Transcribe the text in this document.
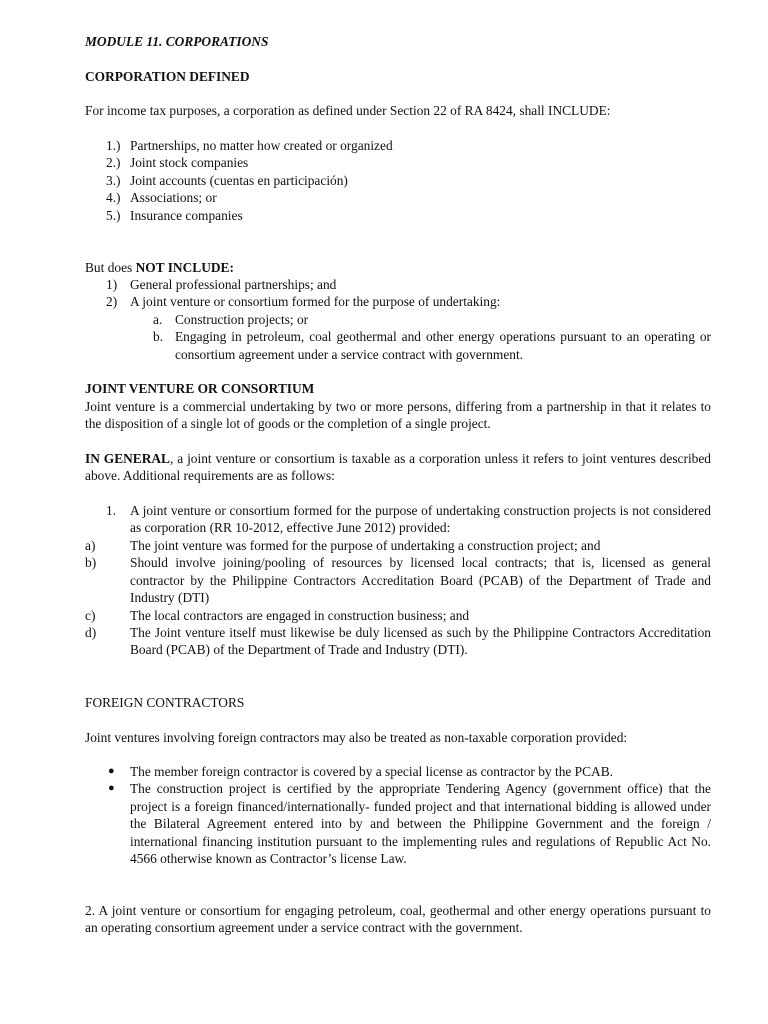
MODULE 11. CORPORATIONS

CORPORATION DEFINED

For income tax purposes, a corporation as defined under Section 22 of RA 8424, shall INCLUDE:

1.) Partnerships, no matter how created or organized
2.) Joint stock companies
3.) Joint accounts (cuentas en participación)
4.) Associations; or
5.) Insurance companies

But does NOT INCLUDE:

1) General professional partnerships; and
2) A joint venture or consortium formed for the purpose of undertaking:
a. Construction projects; or
b. Engaging in petroleum, coal geothermal and other energy operations pursuant to an operating or consortium agreement under a service contract with government.

JOINT VENTURE OR CONSORTIUM

Joint venture is a commercial undertaking by two or more persons, differing from a partnership in that it relates to the disposition of a single lot of goods or the completion of a single project.

IN GENERAL, a joint venture or consortium is taxable as a corporation unless it refers to joint ventures described above. Additional requirements are as follows:

1. A joint venture or consortium formed for the purpose of undertaking construction projects is not considered as corporation (RR 10-2012, effective June 2012) provided:
a)	The joint venture was formed for the purpose of undertaking a construction project; and
b)	Should involve joining/pooling of resources by licensed local contracts; that is, licensed as general contractor by the Philippine Contractors Accreditation Board (PCAB) of the Department of Trade and Industry (DTI)
c)	The local contractors are engaged in construction business; and
d)	The Joint venture itself must likewise be duly licensed as such by the Philippine Contractors Accreditation Board (PCAB) of the Department of Trade and Industry (DTI).

FOREIGN CONTRACTORS

Joint ventures involving foreign contractors may also be treated as non-taxable corporation provided:

● The member foreign contractor is covered by a special license as contractor by the PCAB.
● The construction project is certified by the appropriate Tendering Agency (government office) that the project is a foreign financed/internationally- funded project and that international bidding is allowed under the Bilateral Agreement entered into by and between the Philippine Government and the foreign / international financing institution pursuant to the implementing rules and regulations of Republic Act No. 4566 otherwise known as Contractor’s license Law.

2. A joint venture or consortium for engaging petroleum, coal, geothermal and other energy operations pursuant to an operating consortium agreement under a service contract with the government.
